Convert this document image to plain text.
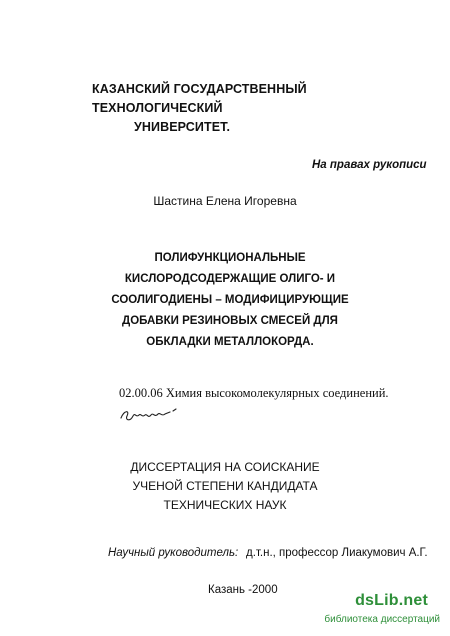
КАЗАНСКИЙ ГОСУДАРСТВЕННЫЙ ТЕХНОЛОГИЧЕСКИЙ
УНИВЕРСИТЕТ.
На правах рукописи
Шастина Елена Игоревна
ПОЛИФУНКЦИОНАЛЬНЫЕ
КИСЛОРОДСОДЕРЖАЩИЕ ОЛИГО- И
СООЛИГОДИЕНЫ – МОДИФИЦИРУЮЩИЕ
ДОБАВКИ РЕЗИНОВЫХ СМЕСЕЙ ДЛЯ
ОБКЛАДКИ МЕТАЛЛОКОРДА.
02.00.06 Химия высокомолекулярных соединений.
ДИССЕРТАЦИЯ НА СОИСКАНИЕ
УЧЕНОЙ СТЕПЕНИ КАНДИДАТА
ТЕХНИЧЕСКИХ НАУК
Научный руководитель: д.т.н., профессор Лиакумович А.Г.
Казань -2000
dsLib.net
библиотека диссертаций
